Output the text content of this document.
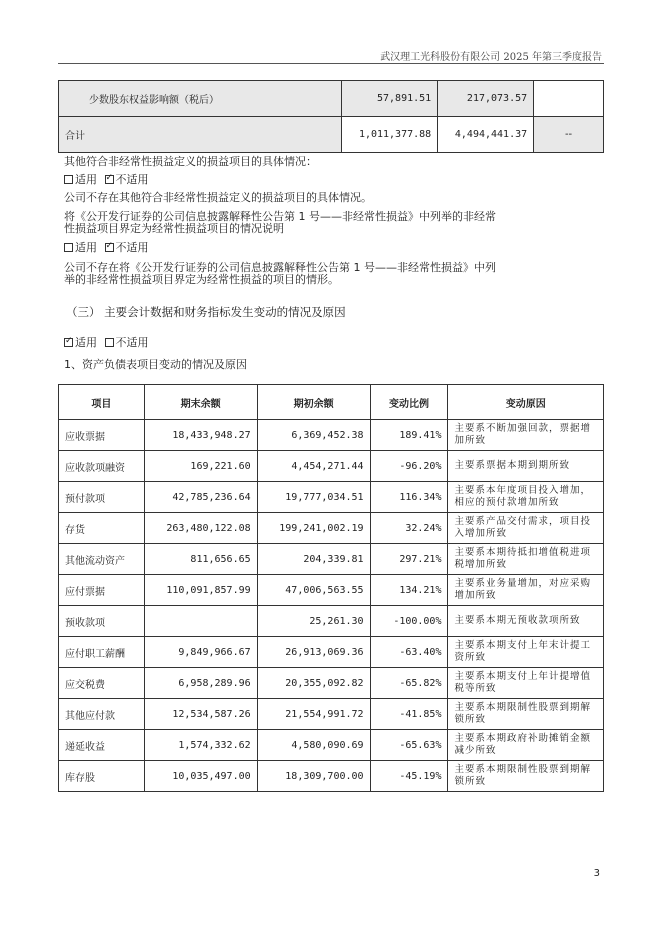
武汉理工光科股份有限公司 2025 年第三季度报告
少数股东权益影响额（税后）	57,891.51	217,073.57	
合计	1,011,377.88	4,494,441.37	--
其他符合非经常性损益定义的损益项目的具体情况：
适用 ✓ 不适用
公司不存在其他符合非经常性损益定义的损益项目的具体情况。
将《公开发行证券的公司信息披露解释性公告第 1 号——非经常性损益》中列举的非经常
性损益项目界定为经常性损益项目的情况说明
适用 ✓ 不适用
公司不存在将《公开发行证券的公司信息披露解释性公告第 1 号——非经常性损益》中列
举的非经常性损益项目界定为经常性损益的项目的情形。
（三） 主要会计数据和财务指标发生变动的情况及原因
✓适用 不适用
1、资产负债表项目变动的情况及原因
项目	期末余额	期初余额	变动比例	变动原因
应收票据	18,433,948.27	6,369,452.38	189.41%	主要系不断加强回款，票据增加所致
应收款项融资	169,221.60	4,454,271.44	-96.20%	主要系票据本期到期所致
预付款项	42,785,236.64	19,777,034.51	116.34%	主要系本年度项目投入增加，相应的预付款增加所致
存货	263,480,122.08	199,241,002.19	32.24%	主要系产品交付需求，项目投入增加所致
其他流动资产	811,656.65	204,339.81	297.21%	主要系本期待抵扣增值税进项税增加所致
应付票据	110,091,857.99	47,006,563.55	134.21%	主要系业务量增加，对应采购增加所致
预收款项		25,261.30	-100.00%	主要系本期无预收款项所致
应付职工薪酬	9,849,966.67	26,913,069.36	-63.40%	主要系本期支付上年末计提工资所致
应交税费	6,958,289.96	20,355,092.82	-65.82%	主要系本期支付上年计提增值税等所致
其他应付款	12,534,587.26	21,554,991.72	-41.85%	主要系本期限制性股票到期解锁所致
递延收益	1,574,332.62	4,580,090.69	-65.63%	主要系本期政府补助摊销金额减少所致
库存股	10,035,497.00	18,309,700.00	-45.19%	主要系本期限制性股票到期解锁所致
3
